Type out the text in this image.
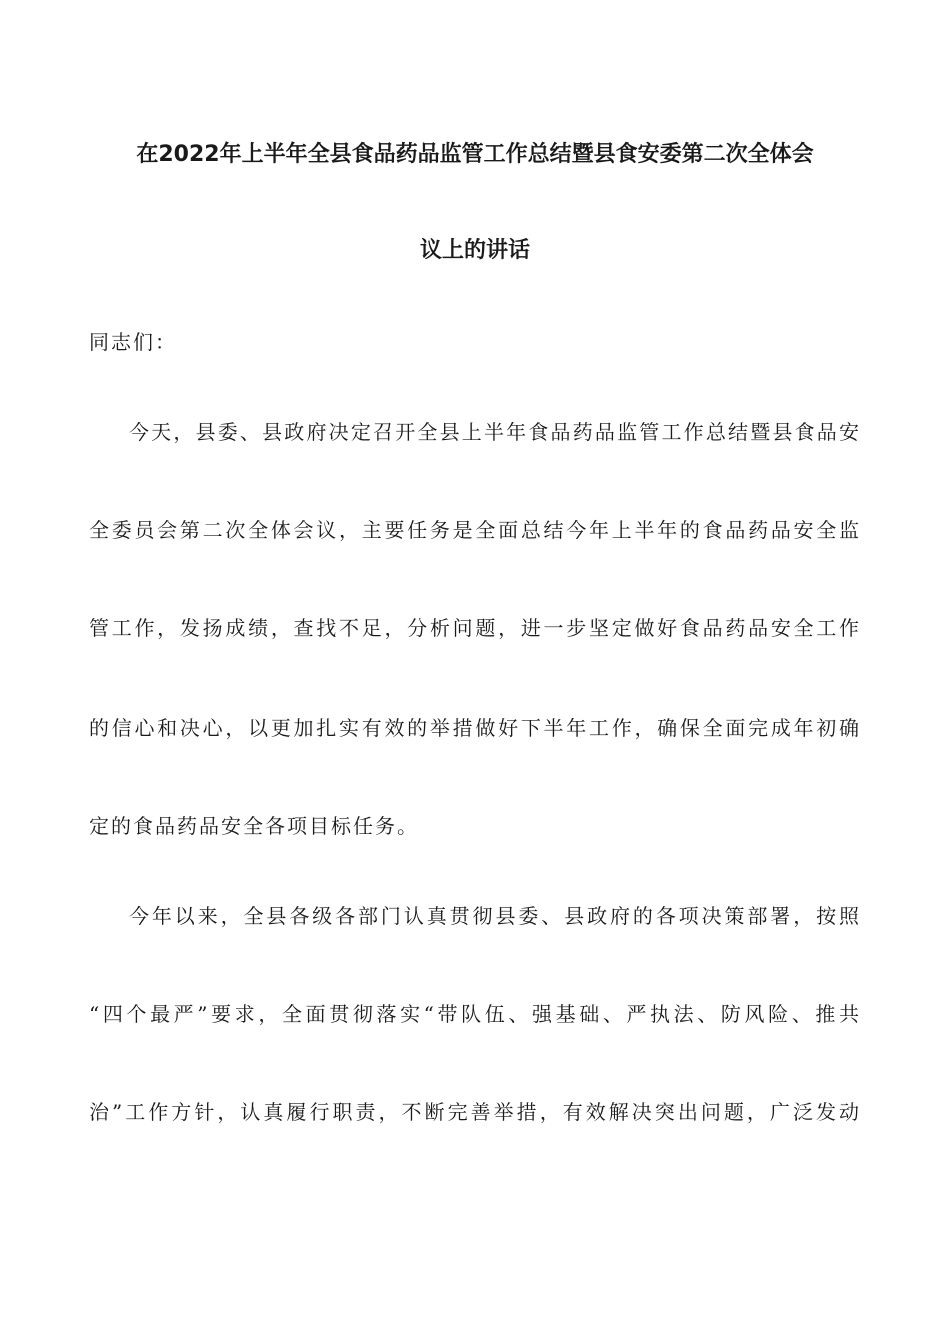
在2022年上半年全县食品药品监管工作总结暨县食安委第二次全体会
议上的讲话
同志们：
今天，县委、县政府决定召开全县上半年食品药品监管工作总结暨县食品安
全委员会第二次全体会议，主要任务是全面总结今年上半年的食品药品安全监
管工作，发扬成绩，查找不足，分析问题，进一步坚定做好食品药品安全工作
的信心和决心，以更加扎实有效的举措做好下半年工作，确保全面完成年初确
定的食品药品安全各项目标任务。
今年以来，全县各级各部门认真贯彻县委、县政府的各项决策部署，按照
“四个最严”要求，全面贯彻落实“带队伍、强基础、严执法、防风险、推共
治”工作方针，认真履行职责，不断完善举措，有效解决突出问题，广泛发动
